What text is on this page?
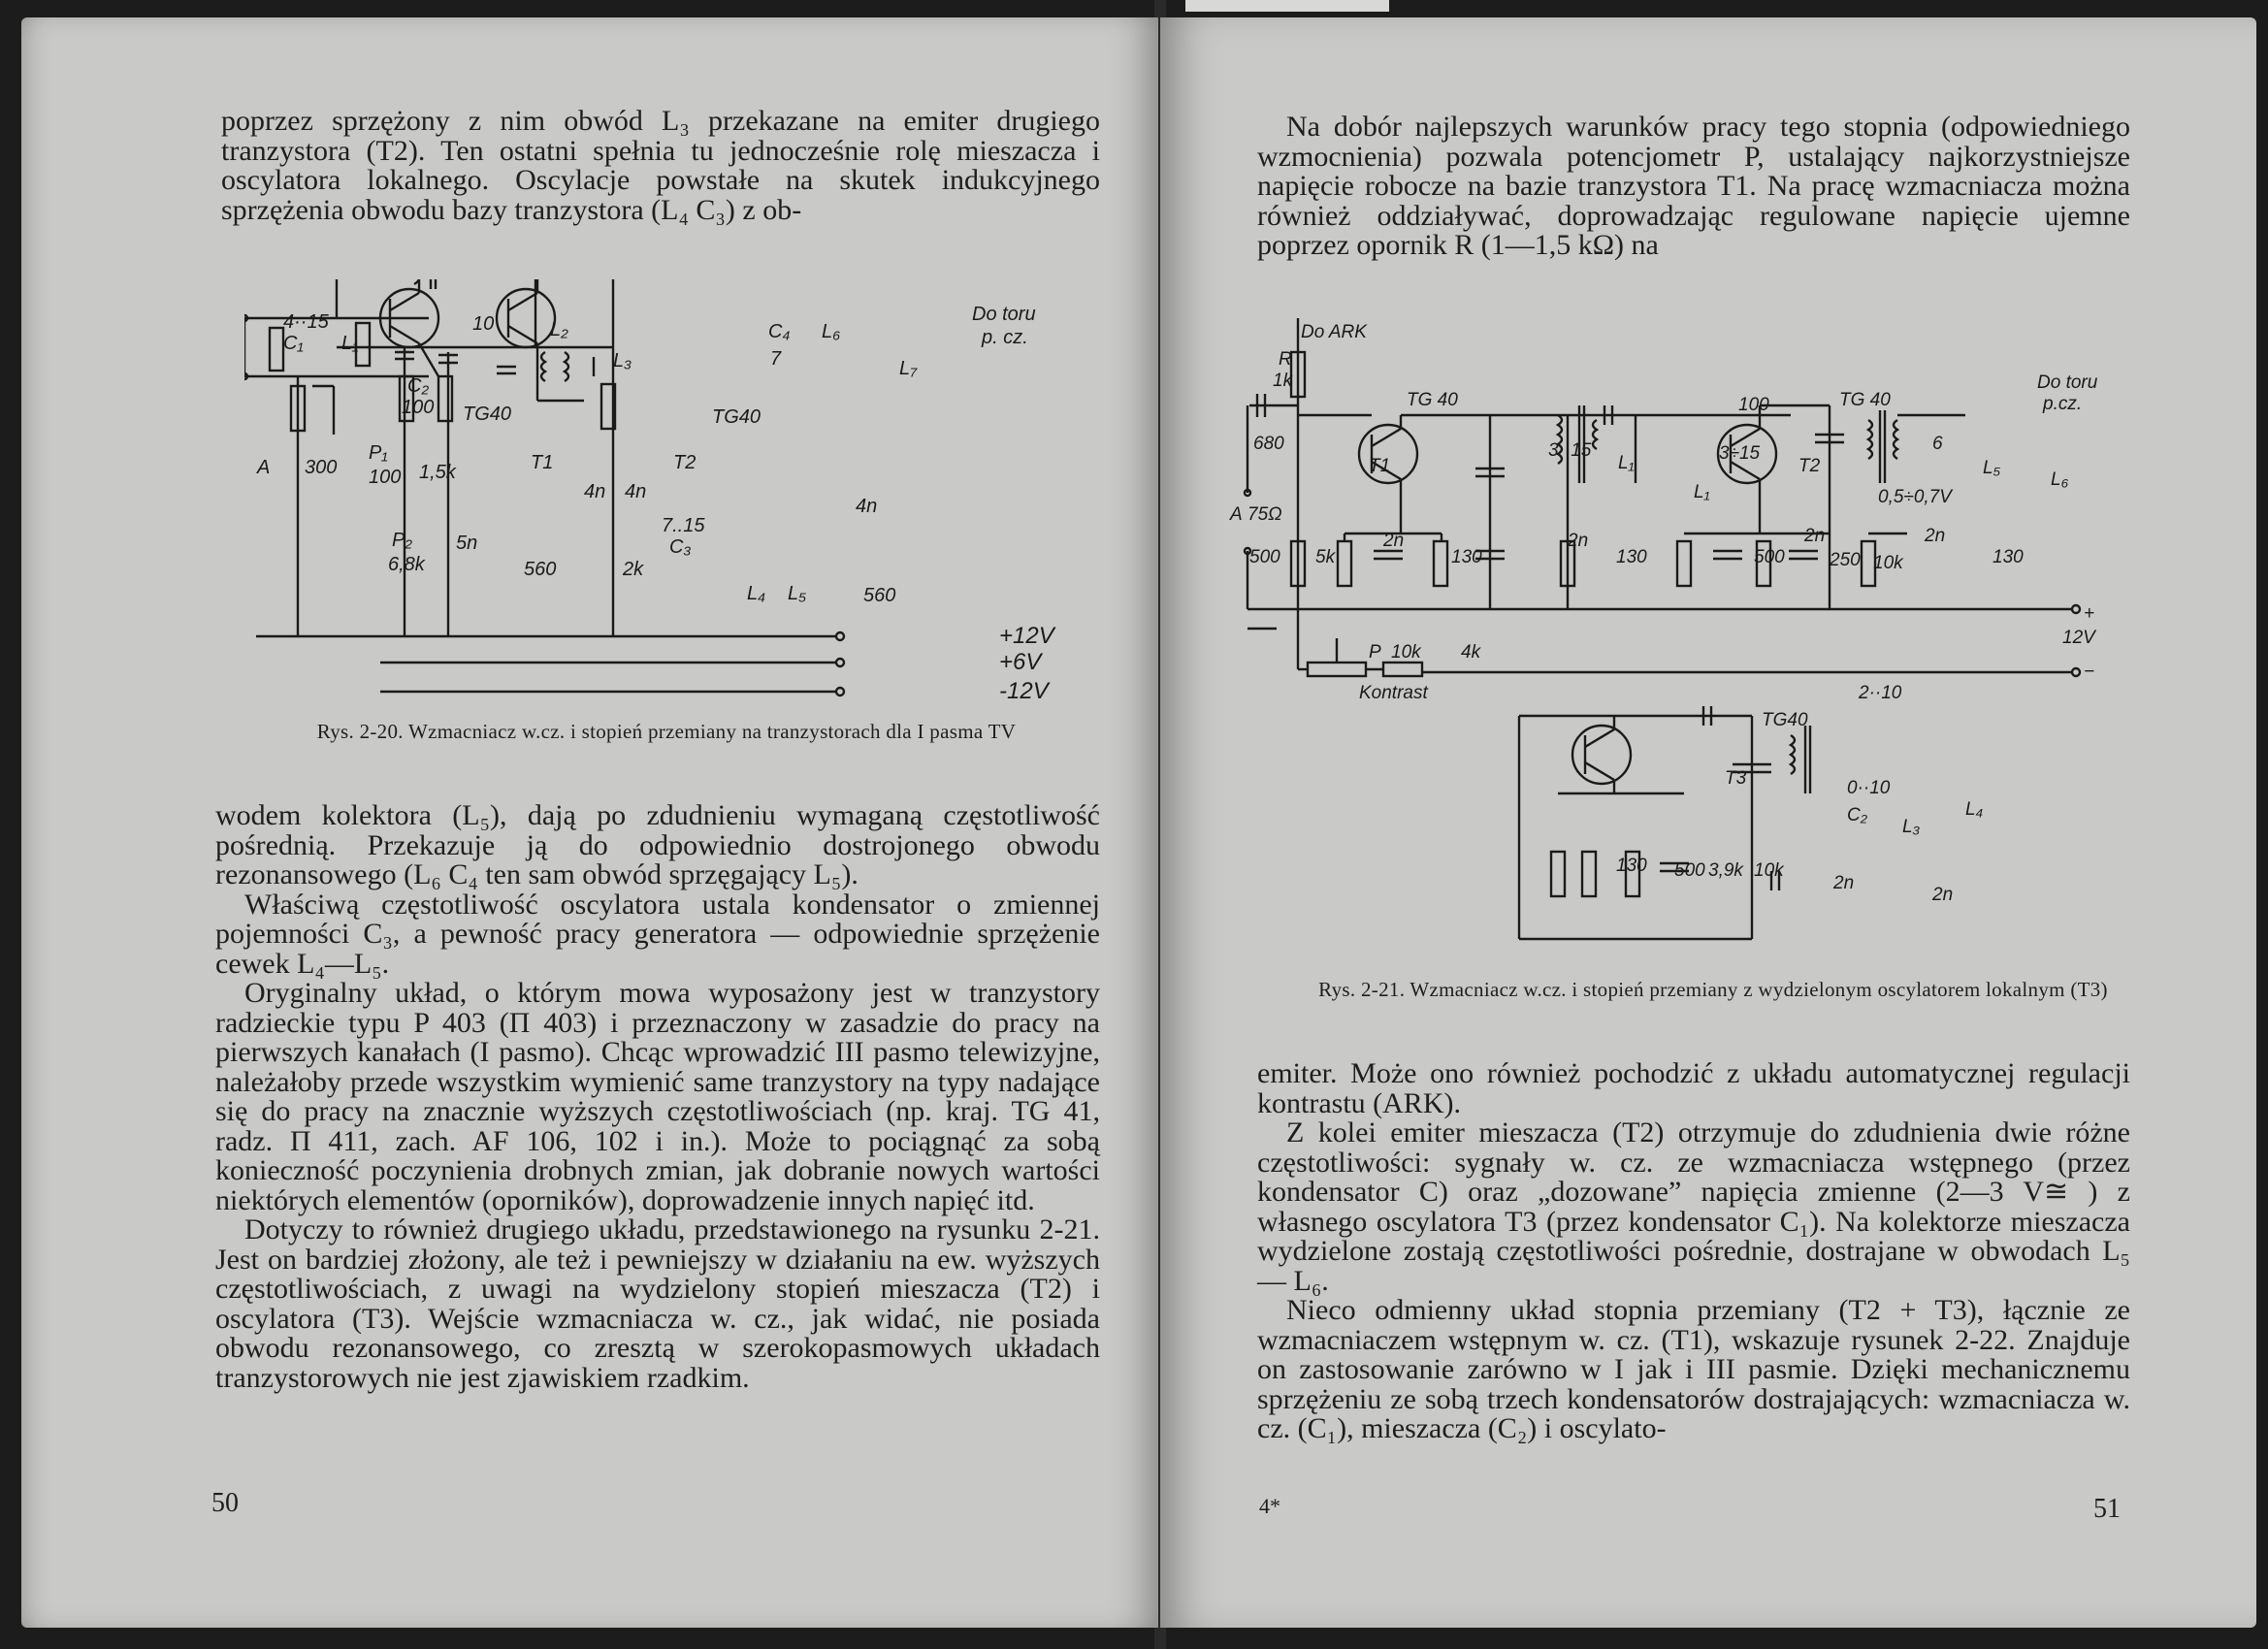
poprzez sprzężony z nim obwód L₃ przekazane na emiter drugiego tranzystora (T2). Ten ostatni spełnia tu jednocześnie rolę mieszacza i oscylatora lokalnego. Oscylacje powstałe na skutek indukcyjnego sprzężenia obwodu bazy tranzystora (L₄ C₃) z ob-

4··15
C₁ L₁
C₂
100
10	L₂
L₃
TG40
T1
300
P₁
100 1,5k
A
4n 4n
P₂
6,8k
5n
560	2k
TG40
T2
7..15
C₃
L₄ L₅
C₄
7
L₆
L₇
4n
560
Do toru
p. cz.
+12V
+6V
-12V
Rys. 2-20. Wzmacniacz w.cz. i stopień przemiany na tranzystorach dla I pasma TV

wodem kolektora (L₅), dają po zdudnieniu wymaganą częstotliwość pośrednią. Przekazuje ją do odpowiednio dostrojonego obwodu rezonansowego (L₆ C₄ ten sam obwód sprzęgający L₅).

Właściwą częstotliwość oscylatora ustala kondensator o zmiennej pojemności C₃, a pewność pracy generatora — odpowiednie sprzężenie cewek L₄—L₅.

Oryginalny układ, o którym mowa wyposażony jest w tranzystory radzieckie typu P 403 (П 403) i przeznaczony w zasadzie do pracy na pierwszych kanałach (I pasmo). Chcąc wprowadzić III pasmo telewizyjne, należałoby przede wszystkim wymienić same tranzystory na typy nadające się do pracy na znacznie wyższych częstotliwościach (np. kraj. TG 41, radz. П 411, zach. AF 106, 102 i in.). Może to pociągnąć za sobą konieczność poczynienia drobnych zmian, jak dobranie nowych wartości niektórych elementów (oporników), doprowadzenie innych napięć itd.

Dotyczy to również drugiego układu, przedstawionego na rysunku 2-21. Jest on bardziej złożony, ale też i pewniejszy w działaniu na ew. wyższych częstotliwościach, z uwagi na wydzielony stopień mieszacza (T2) i oscylatora (T3). Wejście wzmacniacza w. cz., jak widać, nie posiada obwodu rezonansowego, co zresztą w szerokopasmowych układach tranzystorowych nie jest zjawiskiem rzadkim.

50

Na dobór najlepszych warunków pracy tego stopnia (odpowiedniego wzmocnienia) pozwala potencjometr P, ustalający najkorzystniejsze napięcie robocze na bazie tranzystora T1. Na pracę wzmacniacza można również oddziaływać, doprowadzając regulowane napięcie ujemne poprzez opornik R (1—1,5 kΩ) na

Do ARK
R
1k
680
TG 40
T1
A 75Ω
500 5k
2n
130
3··15
L₁
2n
130
100
3÷15
L₁
TG 40
T2
500
2n
250 10k
0,5÷0,7V
2n
130
6
L₅
L₆
Do toru
p.cz.
+
12V
−
P 10k 4k
Kontrast	2··10
TG40
T3	0··10
C₂
L₃
L₄
130 500 3,9k 10k
2n
2n
Rys. 2-21. Wzmacniacz w.cz. i stopień przemiany z wydzielonym oscylatorem lokalnym (T3)

emiter. Może ono również pochodzić z układu automatycznej regulacji kontrastu (ARK).

Z kolei emiter mieszacza (T2) otrzymuje do zdudnienia dwie różne częstotliwości: sygnały w. cz. ze wzmacniacza wstępnego (przez kondensator C) oraz „dozowane” napięcia zmienne (2—3 V≅ ) z własnego oscylatora T3 (przez kondensator C₁). Na kolektorze mieszacza wydzielone zostają częstotliwości pośrednie, dostrajane w obwodach L₅ — L₆.

Nieco odmienny układ stopnia przemiany (T2 + T3), łącznie ze wzmacniaczem wstępnym w. cz. (T1), wskazuje rysunek 2-22. Znajduje on zastosowanie zarówno w I jak i III pasmie. Dzięki mechanicznemu sprzężeniu ze sobą trzech kondensatorów dostrajających: wzmacniacza w. cz. (C₁), mieszacza (C₂) i oscylato-

4*	51
